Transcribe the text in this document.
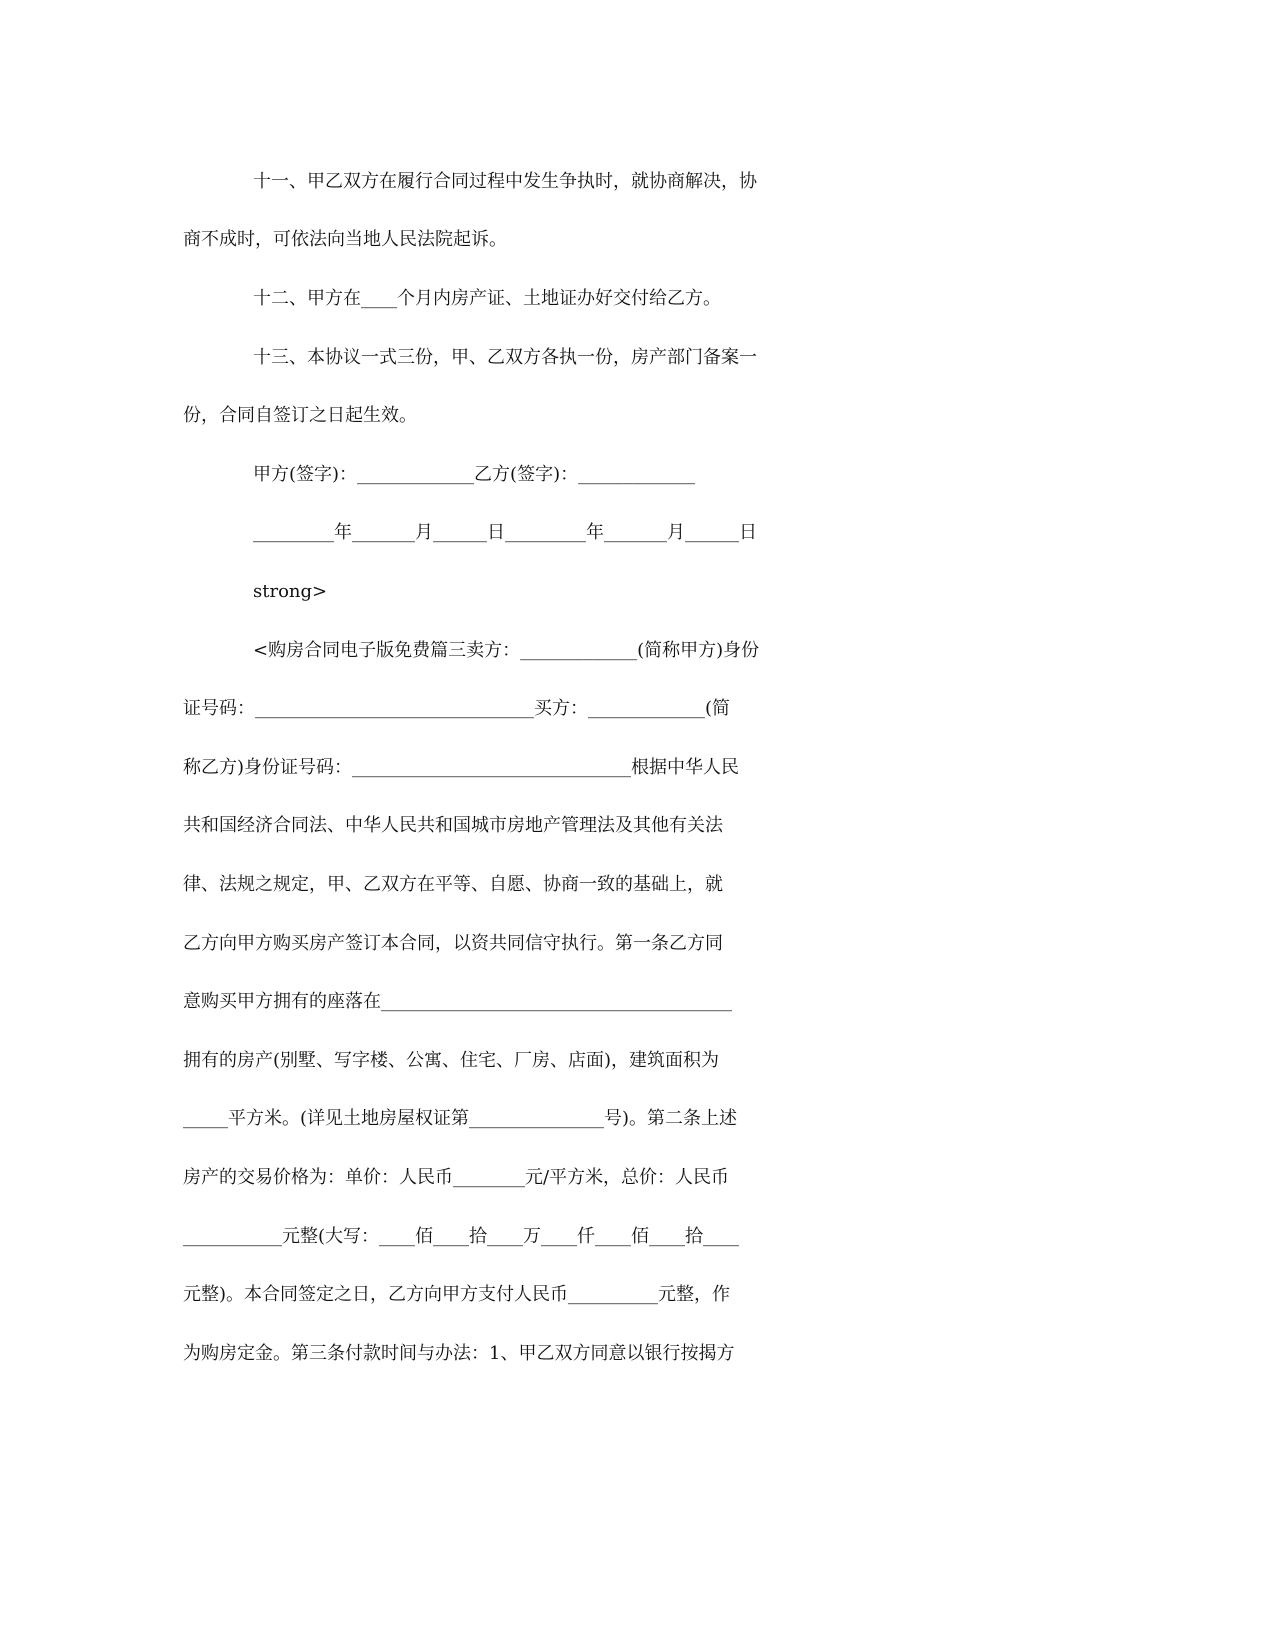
十一、甲乙双方在履行合同过程中发生争执时，就协商解决，协
商不成时，可依法向当地人民法院起诉。
十二、甲方在____个月内房产证、土地证办好交付给乙方。
十三、本协议一式三份，甲、乙双方各执一份，房产部门备案一
份，合同自签订之日起生效。
甲方(签字)：_____________乙方(签字)：_____________
_________年_______月______日_________年_______月______日
strong>
<购房合同电子版免费篇三卖方：_____________(简称甲方)身份
证号码：_______________________________买方：_____________(简
称乙方)身份证号码：_______________________________根据中华人民
共和国经济合同法、中华人民共和国城市房地产管理法及其他有关法
律、法规之规定，甲、乙双方在平等、自愿、协商一致的基础上，就
乙方向甲方购买房产签订本合同，以资共同信守执行。第一条乙方同
意购买甲方拥有的座落在_______________________________________
拥有的房产(别墅、写字楼、公寓、住宅、厂房、店面)，建筑面积为
_____平方米。(详见土地房屋权证第_______________号)。第二条上述
房产的交易价格为：单价：人民币________元/平方米，总价：人民币
___________元整(大写：____佰____拾____万____仟____佰____拾____
元整)。本合同签定之日，乙方向甲方支付人民币__________元整，作
为购房定金。第三条付款时间与办法：1、甲乙双方同意以银行按揭方
